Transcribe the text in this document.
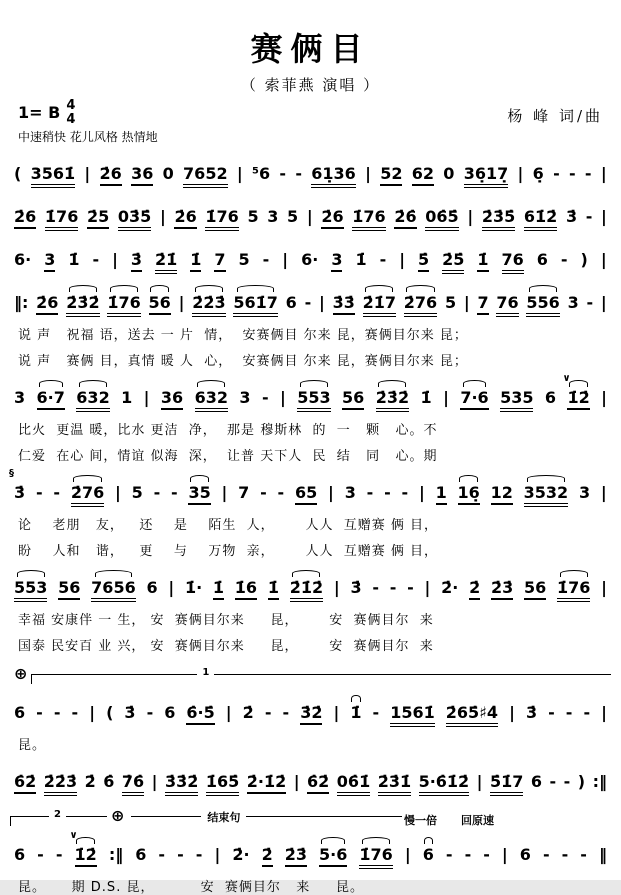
赛俩目
（ 索菲燕 演唱 ）
1= B 4
4	杨 峰 词/曲
中速稍快 花儿风格 热情地
( 3561̇ | 2̇6 36 0 7652 | ⁵6 - - 61̣36 | 52 62 0 36̣17̣ | 6̣ - - - |
2̇6 1̇76 2̇5 03̇5̇ | 2̇6 1̇76 5 3 5 | 2̇6 1̇76 2̇6̇ 06̇5̇ | 2̇3̇5̇ 61̇2̇ 3̇ - |
6· 3 1̇ - | 3̇ 2̇1̇ 1̇ 7 5 - | 6· 3 1̇ - | 5̇ 2̇5̇ 1̇ 76 6 - ) |
‖: 2̇6 2̇3̇2̇ 1̇76 56 | 2̇2̇3̇ 561̇7 6 - | 3̇3̇ 2̇1̇7 2̇76 5 | 7 76 556 3 - |
说 声   祝福 语，送去 一 片  情，  安赛俩目 尔来 昆，赛俩目尔来 昆；
说 声   赛俩 目，真情 暖 人  心，  安赛俩目 尔来 昆，赛俩目尔来 昆；
3 6·7 632 1 | 36 632 3 - | 553 56 2̇3̇2̇ 1̇ | 7·6 535 6 1̇2̇ ∨ |
比火  更温 暖，比水 更洁  净，  那是 穆斯林  的  一   颗   心。不
仁爱  在心 间，情谊 似海  深，  让普 天下人  民  结   同   心。期
3̇ § - - 2̇76 | 5 - - 35 | 7 - - 65 | 3 - - - | 1 16̣ 12 3532 3 |
论    老朋   友，   还    是    陌生  人，      人人  互赠赛 俩 目，
盼    人和   谐，   更    与    万物  亲，      人人  互赠赛 俩 目，
553 56 7656 6 | 1̇· 1̇ 1̇6 1̇ 2̇1̇2̇ | 3̇ - - - | 2̇· 2̇ 2̇3̇ 56 1̇76 |
幸福 安康伴 一 生， 安  赛俩目尔来     昆，      安  赛俩目尔  来
国泰 民安百 业 兴， 安  赛俩目尔来     昆，      安  赛俩目尔  来
⊕	1
6 - - - | ( 3̇ - 6 6̇·5̇ | 2̇ - - 3̇2̇ | 1̇ - 1561̇ 2̇65̇♯4̇ | 3̇ - - - |
昆。
6̇2̇ 2̇̇2̇̇3̇̇ 2̇̇ 6̇ 7̇6̇ | 3̇3̇2̇ 1̇65̇ 2̇·1̇2̇ | 6̇2̇ 06̇1̇ 2̇3̇1̇ 5·6̇1̇2̇ | 5̇1̇7 6 - - ) :‖
2	⊕	结束句	慢一倍	回原速
6 - - 1̇2̇ ∨ :‖ 6 - - - | 2̇· 2̇ 2̇3̇ 5·6 1̇76 | 6 - - - | 6 - - - ‖
昆。     期 D.S. 昆，         安  赛俩目尔   来     昆。
